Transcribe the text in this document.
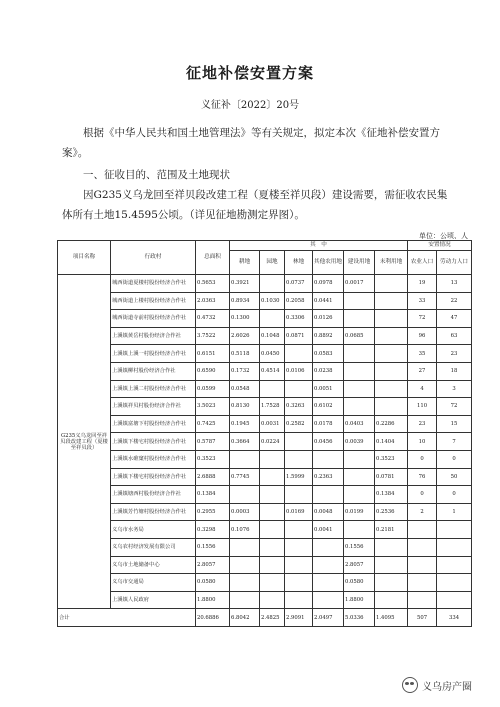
征地补偿安置方案
义征补〔2022〕20号

根据《中华人民共和国土地管理法》等有关规定，拟定本次《征地补偿安置方案》。

一、征收目的、范围及土地现状

因G235义乌龙回至祥贝段改建工程（夏楼至祥贝段）建设需要，需征收农民集体所有土地15.4595公顷。（详见征地勘测定界图）。

单位：公顷、人
项目名称	行政村	总面积	其　中						安置情况	
			耕地	园地	林地	其他农用地	建设用地	未利用地	农业人口	劳动力人口
G235义乌龙回至祥贝段改建工程（夏楼至祥贝段）	城西街道夏楼村股份经济合作社	0.5653	0.3921		0.0737	0.0978	0.0017		19	13
	城西街道上楼村股份经济合作社	2.0363	0.8934	0.1030	0.2058	0.0441			33	22
	城西街道寺前村股份经济合作社	0.4732	0.1300		0.3306	0.0126			72	47
	上溪镇黄岳村股份经济合作社	3.7522	2.6026	0.1048	0.0871	0.8892	0.0685		96	63
	上溪镇上溪一村股份经济合作社	0.6151	0.5118	0.0450		0.0583			35	23
	上溪镇柳村股份经济合作社	0.6590	0.1732	0.4514	0.0106	0.0238			27	18
	上溪镇上溪二村股份经济合作社	0.0599	0.0548			0.0051			4	3
	上溪镇祥贝村股份经济合作社	3.5023	0.8130	1.7528	0.3263	0.6102			110	72
	上溪镇富塘下村股份经济合作社	0.7425	0.1945	0.0031	0.2582	0.0178	0.0403	0.2286	23	15
	上溪镇下楼宅村股份经济合作社	0.5787	0.3664	0.0224		0.0456	0.0039	0.1404	10	7
	上溪镇水碓窠村股份经济合作社	0.3523						0.3523	0	0
	上溪镇下楼宅村股份经济合作社	2.6888	0.7745		1.5999	0.2363		0.0781	76	50
	上溪镇塘西村股份经济合作社	0.1384						0.1384	0	0
	上溪镇芳竹塘村股份经济合作社	0.2955	0.0003		0.0169	0.0048	0.0199	0.2536	2	1
	义乌市水务局	0.3298	0.1076			0.0041		0.2181		
	义乌农村经济发展有限公司	0.1556					0.1556			
	义乌市土地储备中心	2.8057					2.8057			
	义乌市交通局	0.0580					0.0580			
	上溪镇人民政府	1.8800					1.8800			
合计		20.6886	6.8042	2.4825	2.9091	2.0497	5.0336	1.4095	507	334
义乌房产圈
